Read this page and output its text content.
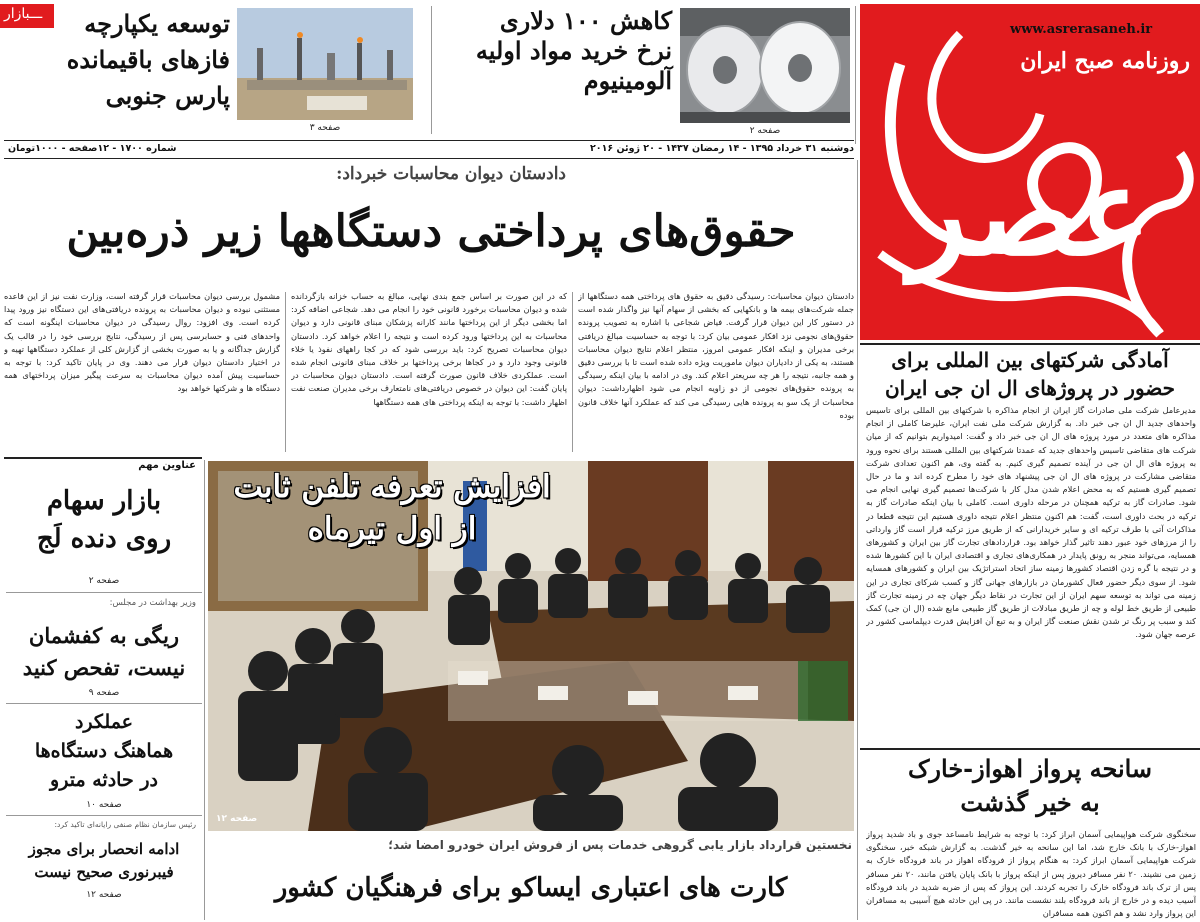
ـــبازار	کاهش ۱۰۰ دلاری
نرخ خرید مواد اولیه
آلومینیوم
صفحه ۲
توسعه یکپارچه
فازهای باقیمانده
پارس جنوبی
صفحه ۳
دوشنبه ۳۱ خرداد ۱۳۹۵ - ۱۴ رمضان ۱۴۳۷ - ۲۰ ژوئن ۲۰۱۶
شماره ۱۷۰۰ - ۱۲صفحه - ۱۰۰۰تومان	عصر
www.asrerasaneh.ir
روزنامه صبح ایران
آمادگی شرکتهای بین المللی برای
حضور در پروژهای ال ان جی ایران
مدیرعامل شرکت ملی صادرات گاز ایران از انجام مذاکره با شرکتهای بین المللی برای تاسیس واحدهای جدید ال ان جی خبر داد. به گزارش شرکت ملی نفت ایران، علیرضا کاملی از انجام مذاکره های متعدد در مورد پروژه های ال ان جی خبر داد و گفت: امیدواریم بتوانیم که از میان شرکت های متقاضی تاسیس واحدهای جدید که عمدتا شرکتهای بین المللی هستند برای نحوه ورود به پروژه های ال ان جی در آینده تصمیم گیری کنیم. به گفته وی، هم اکنون تعدادی شرکت متقاضی مشارکت در پروژه های ال ان جی پیشنهاد های خود را مطرح کرده اند و ما در حال تصمیم گیری هستیم که به محض اعلام شدن مدل کار با شرکت‌ها تصمیم گیری نهایی انجام می شود. صادرات گاز به ترکیه همچنان در مرحله داوری است. کاملی با بیان اینکه صادرات گاز به ترکیه در بحث داوری است، گفت: هم اکنون منتظر اعلام نتیجه داوری هستیم این نتیجه قطعا در مذاکرات آتی با طرف ترکیه ای و سایر خریدارانی که از طریق مرز ترکیه قرار است گاز وارداتی را از مرزهای خود عبور دهند تاثیر گذار خواهد بود. قراردادهای تجارت گاز بین ایران و کشورهای همسایه، می‌تواند منجر به رونق پایدار در همکاری‌های تجاری و اقتصادی ایران با این کشورها شده و در نتیجه با گره زدن اقتصاد کشورها زمینه ساز اتحاد استراتژیک بین ایران و کشورهای همسایه شود. از سوی دیگر حضور فعال کشورمان در بازارهای جهانی گاز و کسب شرکای تجاری در این زمینه می تواند به توسعه سهم ایران از این تجارت در نقاط دیگر جهان چه در زمینه تجارت گاز طبیعی از طریق خط لوله و چه از طریق مبادلات از طریق گاز طبیعی مایع شده (ال ان جی) کمک کند و سبب پر رنگ تر شدن نقش صنعت گاز ایران و به تبع آن افزایش قدرت دیپلماسی کشور در عرصه جهان شود.
سانحه پرواز اهواز-خارک
به خیر گذشت
سخنگوی شرکت هواپیمایی آسمان ابراز کرد: با توجه به شرایط نامساعد جوی و باد شدید پرواز اهواز-خارک با بانک خارج شد، اما این سانحه به خیر گذشت. به گزارش شبکه خبر، سخنگوی شرکت هواپیمایی آسمان ابراز کرد: به هنگام پرواز از فرودگاه اهواز در باند فرودگاه خارک به زمین می نشیند. ۲۰ نفر مسافر دیروز پس از اینکه پرواز با بانک پایان یافتن مانند، ۲۰ نفر مسافر پس از ترک باند فرودگاه خارک را تجربه کردند. این پرواز که پس از ضربه شدید در باند فرودگاه آسیب دیده و در خارج از باند فرودگاه بلند نشست مانند. در پی این حادثه هیچ آسیبی به مسافران این پرواز وارد نشد و هم اکنون همه مسافران
دادستان دیوان محاسبات خبرداد:
حقوق‌های پرداختی دستگاهها زیر ذره‌بین
دادستان دیوان محاسبات: رسیدگی دقیق به حقوق های پرداختی همه دستگاهها از جمله شرکت‌های بیمه ها و بانکهایی که بخشی از سهام آنها نیز واگذار شده است در دستور کار این دیوان قرار گرفت. فیاض شجاعی با اشاره به تصویب پرونده حقوق‌های نجومی نزد افکار عمومی بیان کرد: با توجه به حساسیت مبالغ دریافتی برخی مدیران و اینکه افکار عمومی امروز، منتظر اعلام نتایج دیوان محاسبات هستند، به یکی از دادیاران دیوان ماموریت ویژه داده شده است تا با بررسی دقیق و همه جانبه، نتیجه را هر چه سریعتر اعلام کند. وی در ادامه با بیان اینکه رسیدگی به پرونده حقوق‌های نجومی از دو زاویه انجام می شود اظهارداشت: دیوان محاسبات از یک سو به پرونده هایی رسیدگی می کند که عملکرد آنها خلاف قانون بوده
که در این صورت بر اساس جمع بندی نهایی، مبالغ به حساب خزانه بازگردانده شده و دیوان محاسبات برخورد قانونی خود را انجام می دهد. شجاعی اضافه کرد: اما بخشی دیگر از این پرداختها مانند کارانه پزشکان مبنای قانونی دارد و دیوان محاسبات به این پرداختها ورود کرده است و نتیجه را اعلام خواهد کرد. دادستان دیوان محاسبات تصریح کرد: باید بررسی شود که در کجا راههای نفوذ یا خلاء قانونی وجود دارد و در کجاها برخی پرداختها بر خلاف مبنای قانونی انجام شده است. عملکردی خلاف قانون صورت گرفته است. دادستان دیوان محاسبات در پایان گفت: این دیوان در خصوص دریافتی‌های نامتعارف برخی مدیران صنعت نفت اظهار داشت: با توجه به اینکه پرداختی های همه دستگاهها
مشمول بررسی دیوان محاسبات قرار گرفته است، وزارت نفت نیز از این قاعده مستثنی نبوده و دیوان محاسبات به پرونده دریافتی‌های این دستگاه نیز ورود پیدا کرده است. وی افزود: روال رسیدگی در دیوان محاسبات اینگونه است که واحدهای فنی و حسابرسی پس از رسیدگی، نتایج بررسی خود را در قالب یک گزارش جداگانه و یا به صورت بخشی از گزارش کلی از عملکرد دستگاهها تهیه و در اختیار دادستان دیوان قرار می دهند. وی در پایان تاکید کرد: با توجه به حساسیت پیش آمده دیوان محاسبات به سرعت پیگیر میزان پرداختهای همه دستگاه ها و شرکتها خواهد بود
عناوین مهم
بازار سهام
روی دنده لَج
صفحه ۲
وزیر بهداشت در مجلس:
ریگی به کفشمان
نیست، تفحص کنید
صفحه ۹
عملکرد
هماهنگ دستگاه‌ها
در حادثه مترو
صفحه ۱۰
رئیس سازمان نظام صنفی رایانه‌ای تاکید کرد:
ادامه انحصار برای مجوز
فیبرنوری صحیح نیست
صفحه ۱۲
افزایش تعرفه تلفن ثابت
از اول تیرماه
صفحه ۱۲
نخستین قرارداد بازار یابی گروهی خدمات پس از فروش ایران خودرو امضا شد؛
کارت های اعتباری ایساکو برای فرهنگیان کشور
